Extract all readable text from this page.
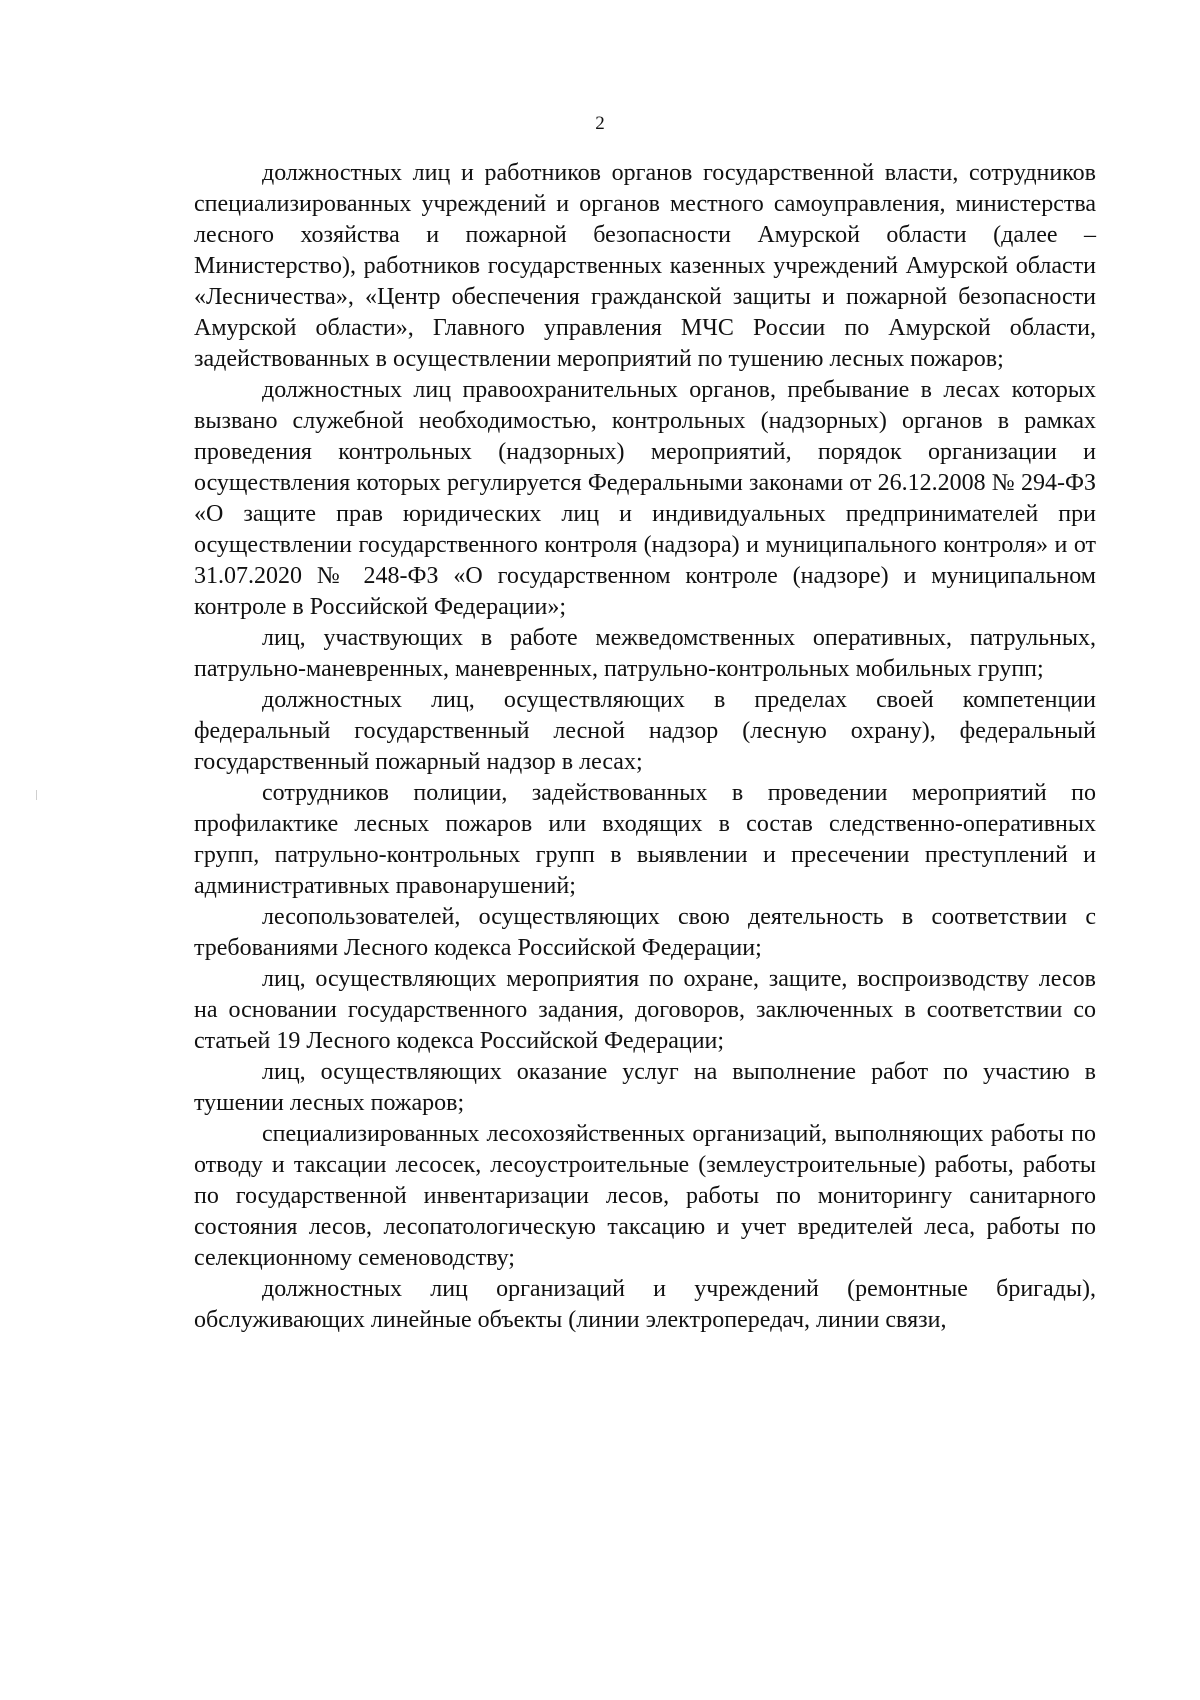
2

должностных лиц и работников органов государственной власти, сотрудников специализированных учреждений и органов местного самоуправления, министерства лесного хозяйства и пожарной безопасности Амурской области (далее – Министерство), работников государственных казенных учреждений Амурской области «Лесничества», «Центр обеспечения гражданской защиты и пожарной безопасности Амурской области», Главного управления МЧС России по Амурской области, задействованных в осуществлении мероприятий по тушению лесных пожаров;

должностных лиц правоохранительных органов, пребывание в лесах которых вызвано служебной необходимостью, контрольных (надзорных) органов в рамках проведения контрольных (надзорных) мероприятий, порядок организации и осуществления которых регулируется Федеральными законами от 26.12.2008 № 294-ФЗ «О защите прав юридических лиц и индивидуальных предпринимателей при осуществлении государственного контроля (надзора) и муниципального контроля» и от 31.07.2020 № 248-ФЗ «О государственном контроле (надзоре) и муниципальном контроле в Российской Федерации»;

лиц, участвующих в работе межведомственных оперативных, патрульных, патрульно-маневренных, маневренных, патрульно-контрольных мобильных групп;

должностных лиц, осуществляющих в пределах своей компетенции федеральный государственный лесной надзор (лесную охрану), федеральный государственный пожарный надзор в лесах;

сотрудников полиции, задействованных в проведении мероприятий по профилактике лесных пожаров или входящих в состав следственно-оперативных групп, патрульно-контрольных групп в выявлении и пресечении преступлений и административных правонарушений;

лесопользователей, осуществляющих свою деятельность в соответствии с требованиями Лесного кодекса Российской Федерации;

лиц, осуществляющих мероприятия по охране, защите, воспроизводству лесов на основании государственного задания, договоров, заключенных в соответствии со статьей 19 Лесного кодекса Российской Федерации;

лиц, осуществляющих оказание услуг на выполнение работ по участию в тушении лесных пожаров;

специализированных лесохозяйственных организаций, выполняющих работы по отводу и таксации лесосек, лесоустроительные (землеустроительные) работы, работы по государственной инвентаризации лесов, работы по мониторингу санитарного состояния лесов, лесопатологическую таксацию и учет вредителей леса, работы по селекционному семеноводству;

должностных лиц организаций и учреждений (ремонтные бригады), обслуживающих линейные объекты (линии электропередач, линии связи,
